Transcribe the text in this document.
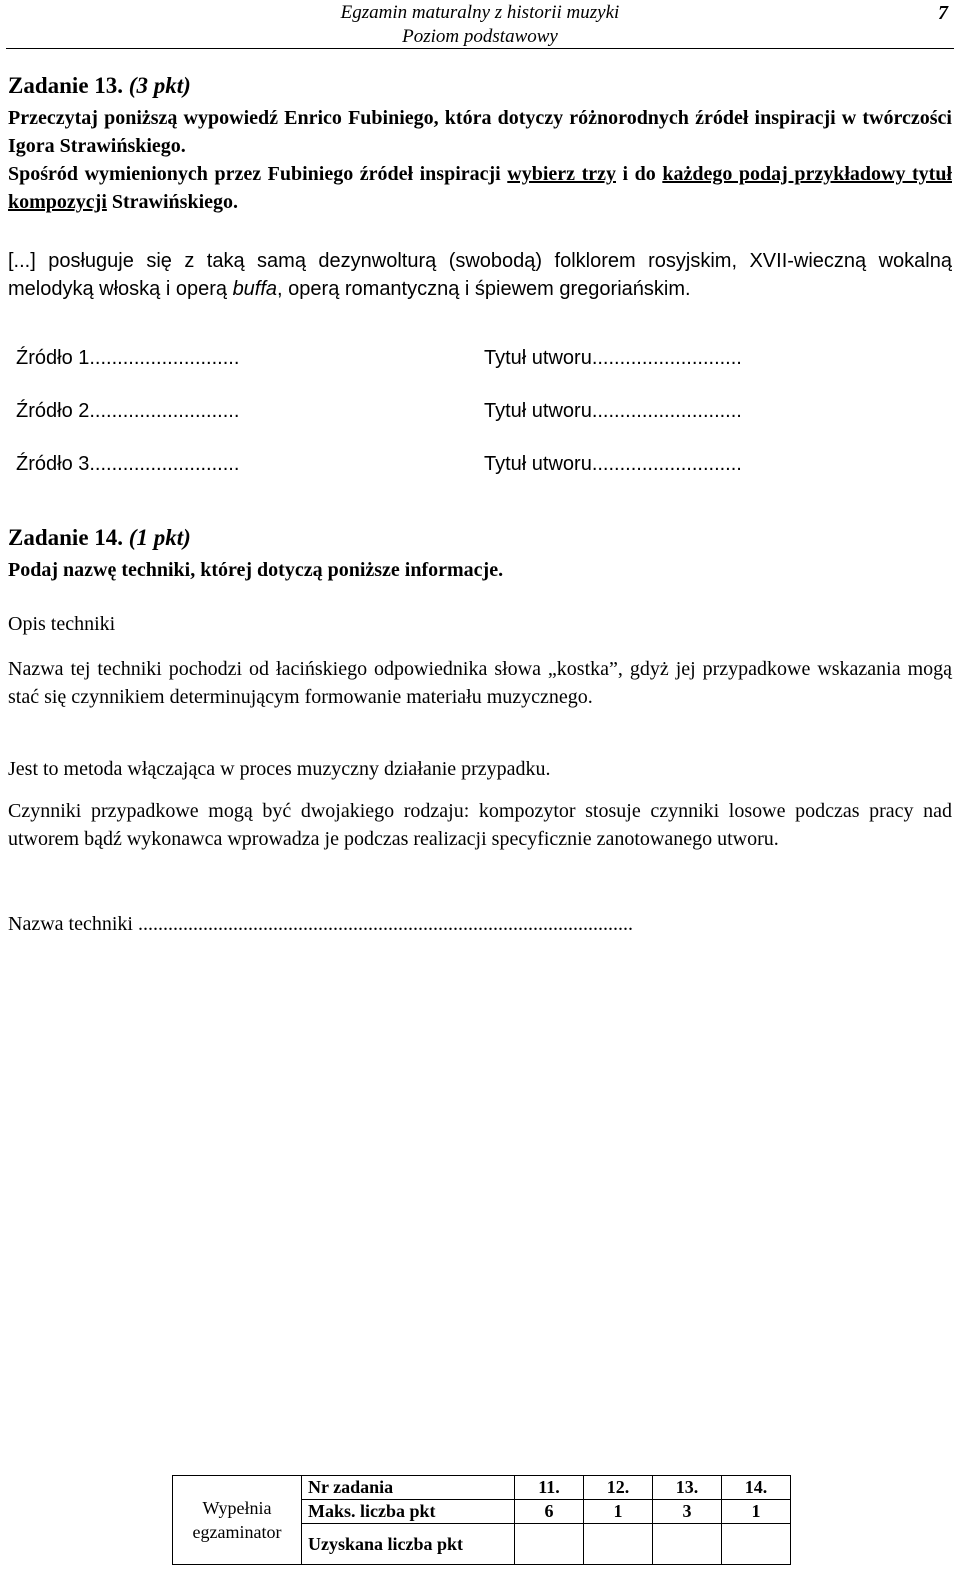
Egzamin maturalny z historii muzyki
Poziom podstawowy
7
Zadanie 13. (3 pkt)
Przeczytaj poniższą wypowiedź Enrico Fubiniego, która dotyczy różnorodnych źródeł inspiracji w twórczości Igora Strawińskiego.
Spośród wymienionych przez Fubiniego źródeł inspiracji wybierz trzy i do każdego podaj przykładowy tytuł kompozycji Strawińskiego.
[...] posługuje się z taką samą dezynwolturą (swobodą) folklorem rosyjskim, XVII-wieczną wokalną melodyką włoską i operą buffa, operą romantyczną i śpiewem gregoriańskim.
Źródło 1...........................	Tytuł utworu...........................
Źródło 2...........................	Tytuł utworu...........................
Źródło 3...........................	Tytuł utworu...........................
Zadanie 14. (1 pkt)
Podaj nazwę techniki, której dotyczą poniższe informacje.
Opis techniki
Nazwa tej techniki pochodzi od łacińskiego odpowiednika słowa „kostka”, gdyż jej przypadkowe wskazania mogą stać się czynnikiem determinującym formowanie materiału muzycznego.
Jest to metoda włączająca w proces muzyczny działanie przypadku.
Czynniki przypadkowe mogą być dwojakiego rodzaju: kompozytor stosuje czynniki losowe podczas pracy nad utworem bądź wykonawca wprowadza je podczas realizacji specyficznie zanotowanego utworu.
Nazwa techniki ...................................................................................................
Wypełnia egzaminator	Nr zadania	11.	12.	13.	14.
	Maks. liczba pkt	6	1	3	1
	Uzyskana liczba pkt				
